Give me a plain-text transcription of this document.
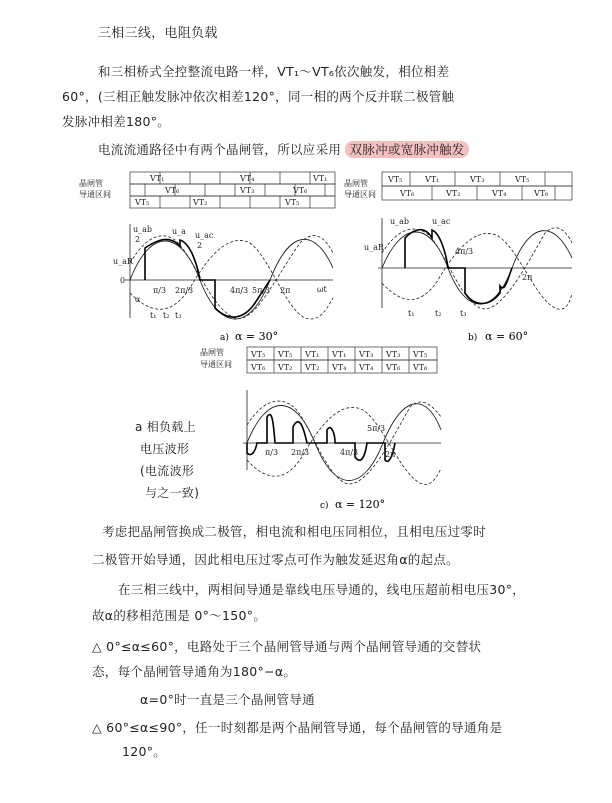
三相三线，电阻负载
和三相桥式全控整流电路一样，VT₁～VT₆依次触发，相位相差
60°，(三相正触发脉冲依次相差120°，同一相的两个反并联二极管触
发脉冲相差180°。
电流流通路径中有两个晶闸管，所以应采用 双脉冲或宽脉冲触发
晶闸管
导通区间
VT₁	VT₄	VT₁
VT₆	VT₃	VT₆
VT₅	VT₂	VT₅
u_ab
2
u_a u_ac
2
u_aR
0
π/3 2π/3	4π/3 5π/3 2π	ωt
α
t₁ t₂ t₃
a) α = 30°
晶闸管
导通区间
VT₅	VT₁	VT₃	VT₅
VT₆	VT₂	VT₄	VT₆
u_ab	u_ac
u_aR	4π/3
2π
t₁	t₂ t₃
b) α = 60°
晶闸管
导通区间
VT₅ VT₅ VT₁ VT₁ VT₃ VT₃ VT₅
VT₆ VT₂ VT₂ VT₄ VT₄ VT₆ VT₆
π/3 2π/3	4π/3
5π/3
2π
c) α = 120°
a 相负载上
电压波形
(电流波形
与之一致)
考虑把晶闸管换成二极管，相电流和相电压同相位，且相电压过零时
二极管开始导通，因此相电压过零点可作为触发延迟角α的起点。
在三相三线中，两相间导通是靠线电压导通的，线电压超前相电压30°，
故α的移相范围是 0°～150°。
△ 0°≤α≤60°，电路处于三个晶闸管导通与两个晶闸管导通的交替状
态，每个晶闸管导通角为180°−α。
α=0°时一直是三个晶闸管导通
△ 60°≤α≤90°，任一时刻都是两个晶闸管导通，每个晶闸管的导通角是
120°。
